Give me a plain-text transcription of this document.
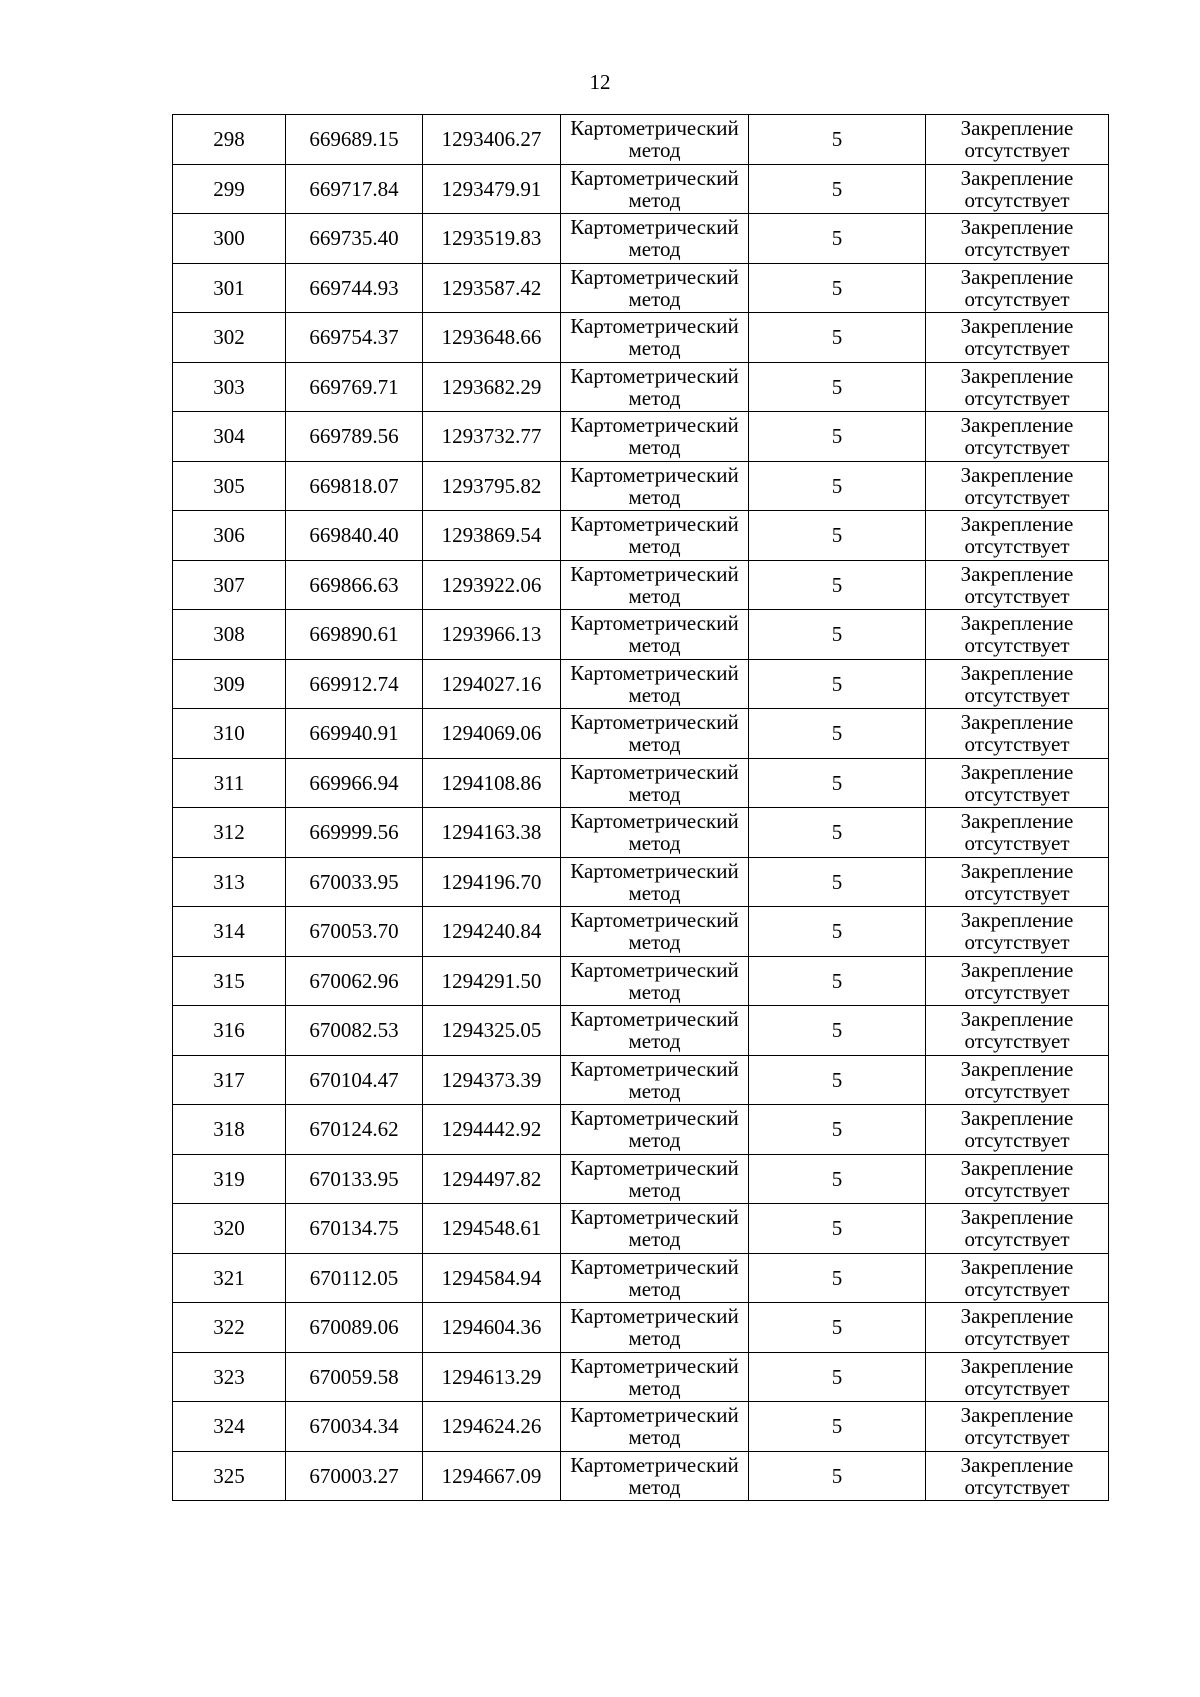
12
298	669689.15	1293406.27	Картометрический метод	5	Закрепление отсутствует
299	669717.84	1293479.91	Картометрический метод	5	Закрепление отсутствует
300	669735.40	1293519.83	Картометрический метод	5	Закрепление отсутствует
301	669744.93	1293587.42	Картометрический метод	5	Закрепление отсутствует
302	669754.37	1293648.66	Картометрический метод	5	Закрепление отсутствует
303	669769.71	1293682.29	Картометрический метод	5	Закрепление отсутствует
304	669789.56	1293732.77	Картометрический метод	5	Закрепление отсутствует
305	669818.07	1293795.82	Картометрический метод	5	Закрепление отсутствует
306	669840.40	1293869.54	Картометрический метод	5	Закрепление отсутствует
307	669866.63	1293922.06	Картометрический метод	5	Закрепление отсутствует
308	669890.61	1293966.13	Картометрический метод	5	Закрепление отсутствует
309	669912.74	1294027.16	Картометрический метод	5	Закрепление отсутствует
310	669940.91	1294069.06	Картометрический метод	5	Закрепление отсутствует
311	669966.94	1294108.86	Картометрический метод	5	Закрепление отсутствует
312	669999.56	1294163.38	Картометрический метод	5	Закрепление отсутствует
313	670033.95	1294196.70	Картометрический метод	5	Закрепление отсутствует
314	670053.70	1294240.84	Картометрический метод	5	Закрепление отсутствует
315	670062.96	1294291.50	Картометрический метод	5	Закрепление отсутствует
316	670082.53	1294325.05	Картометрический метод	5	Закрепление отсутствует
317	670104.47	1294373.39	Картометрический метод	5	Закрепление отсутствует
318	670124.62	1294442.92	Картометрический метод	5	Закрепление отсутствует
319	670133.95	1294497.82	Картометрический метод	5	Закрепление отсутствует
320	670134.75	1294548.61	Картометрический метод	5	Закрепление отсутствует
321	670112.05	1294584.94	Картометрический метод	5	Закрепление отсутствует
322	670089.06	1294604.36	Картометрический метод	5	Закрепление отсутствует
323	670059.58	1294613.29	Картометрический метод	5	Закрепление отсутствует
324	670034.34	1294624.26	Картометрический метод	5	Закрепление отсутствует
325	670003.27	1294667.09	Картометрический метод	5	Закрепление отсутствует
